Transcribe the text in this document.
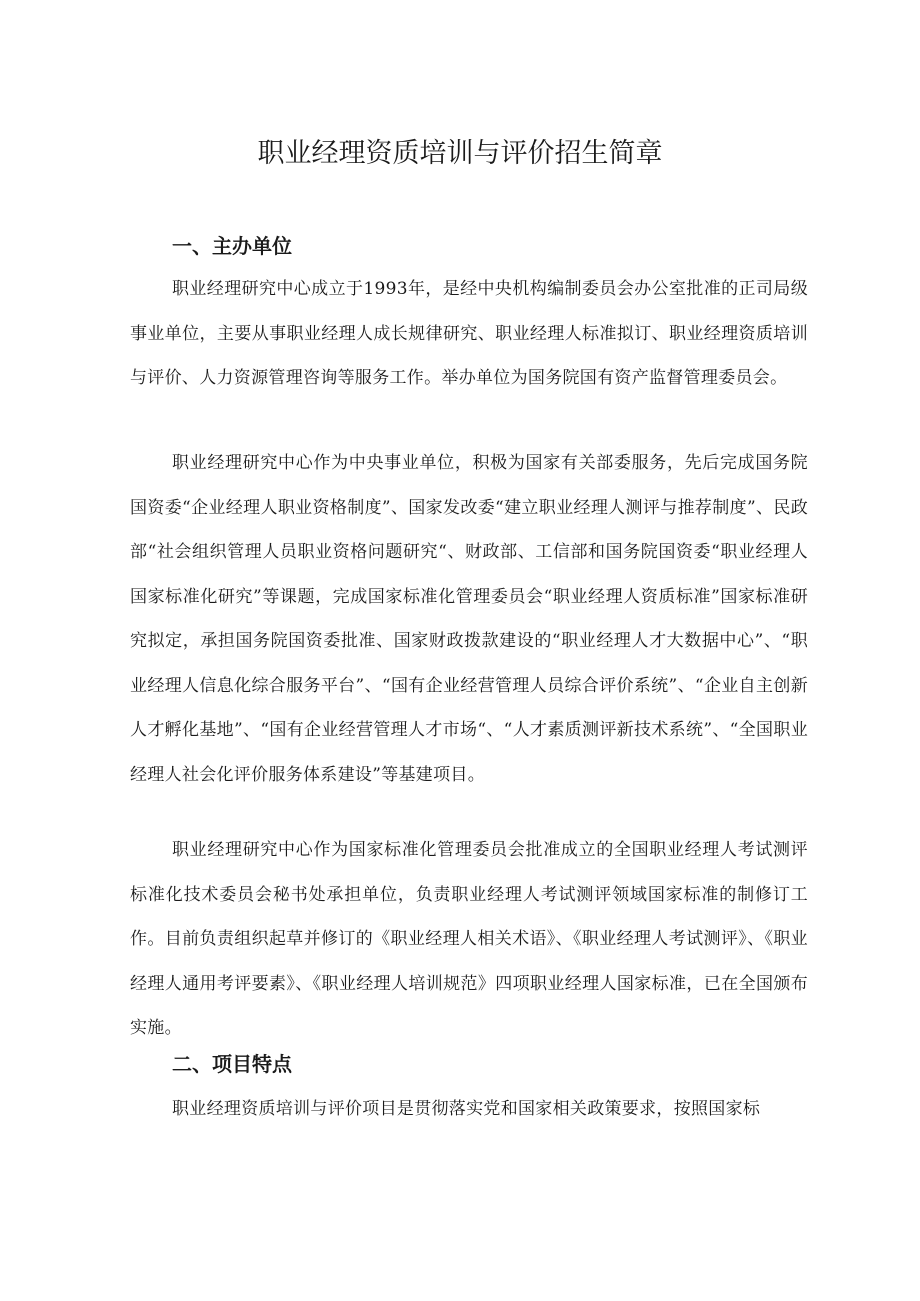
职业经理资质培训与评价招生简章
一、主办单位

职业经理研究中心成立于1993年，是经中央机构编制委员会办公室批准的正司局级事业单位，主要从事职业经理人成长规律研究、职业经理人标准拟订、职业经理资质培训与评价、人力资源管理咨询等服务工作。举办单位为国务院国有资产监督管理委员会。

职业经理研究中心作为中央事业单位，积极为国家有关部委服务，先后完成国务院国资委“企业经理人职业资格制度”、国家发改委“建立职业经理人测评与推荐制度”、民政部“社会组织管理人员职业资格问题研究“、财政部、工信部和国务院国资委“职业经理人国家标准化研究”等课题，完成国家标准化管理委员会“职业经理人资质标准”国家标准研究拟定，承担国务院国资委批准、国家财政拨款建设的“职业经理人才大数据中心”、“职业经理人信息化综合服务平台”、“国有企业经营管理人员综合评价系统”、“企业自主创新人才孵化基地”、“国有企业经营管理人才市场“、“人才素质测评新技术系统”、“全国职业经理人社会化评价服务体系建设”等基建项目。

职业经理研究中心作为国家标准化管理委员会批准成立的全国职业经理人考试测评标准化技术委员会秘书处承担单位，负责职业经理人考试测评领域国家标准的制修订工作。目前负责组织起草并修订的《职业经理人相关术语》、《职业经理人考试测评》、《职业经理人通用考评要素》、《职业经理人培训规范》四项职业经理人国家标准，已在全国颁布实施。

二、项目特点

职业经理资质培训与评价项目是贯彻落实党和国家相关政策要求，按照国家标
